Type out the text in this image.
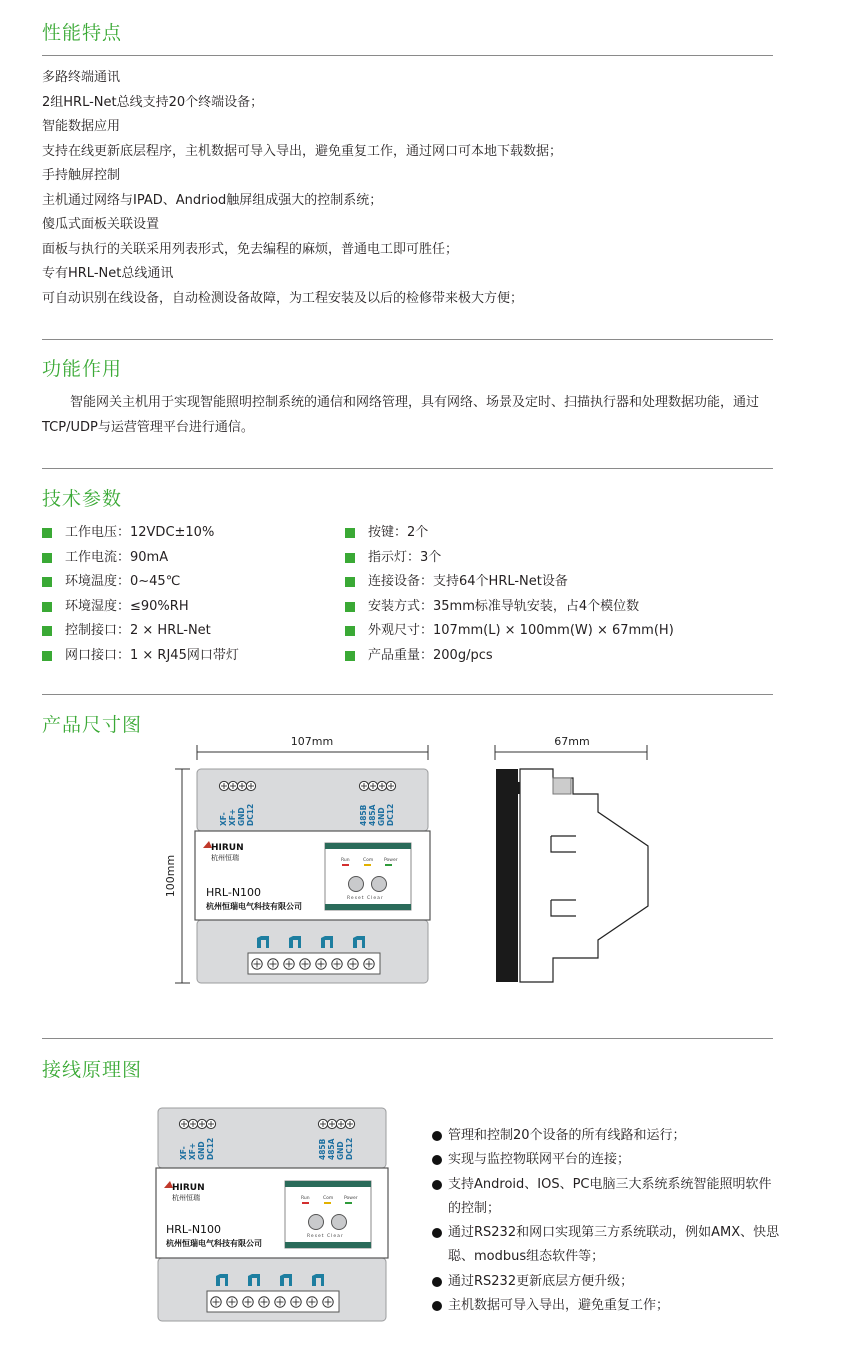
性能特点
多路终端通讯
2组HRL-Net总线支持20个终端设备；
智能数据应用
支持在线更新底层程序，主机数据可导入导出，避免重复工作，通过网口可本地下载数据；
手持触屏控制
主机通过网络与IPAD、Andriod触屏组成强大的控制系统；
傻瓜式面板关联设置
面板与执行的关联采用列表形式，免去编程的麻烦，普通电工即可胜任；
专有HRL-Net总线通讯
可自动识别在线设备，自动检测设备故障，为工程安装及以后的检修带来极大方便；
功能作用
智能网关主机用于实现智能照明控制系统的通信和网络管理，具有网络、场景及定时、扫描执行器和处理数据功能，通过TCP/UDP与运营管理平台进行通信。
技术参数
工作电压：12VDC±10%
工作电流：90mA
环境温度：0~45℃
环境湿度：≤90%RH
控制接口：2 × HRL-Net
网口接口：1 × RJ45网口带灯
按键：2个
指示灯：3个
连接设备：支持64个HRL-Net设备
安装方式：35mm标准导轨安装，占4个模位数
外观尺寸：107mm(L) × 100mm(W) × 67mm(H)
产品重量：200g/pcs
产品尺寸图
107mm
100mm
XF- XF+ GND DC12	485B 485A GND DC12
HIRUN
杭州恒瑞
HRL-N100
杭州恒瑞电气科技有限公司
Run	Com Power
Reset Clear
67mm
XF- XF+ GND DC12	485B 485A GND DC12
HIRUN
杭州恒瑞
HRL-N100
杭州恒瑞电气科技有限公司
Run	Com Power
Reset Clear
接线原理图
管理和控制20个设备的所有线路和运行；
实现与监控物联网平台的连接；
支持Android、IOS、PC电脑三大系统系统智能照明软件的控制；
通过RS232和网口实现第三方系统联动，例如AMX、快思聪、modbus组态软件等；
通过RS232更新底层方便升级；
主机数据可导入导出，避免重复工作；
